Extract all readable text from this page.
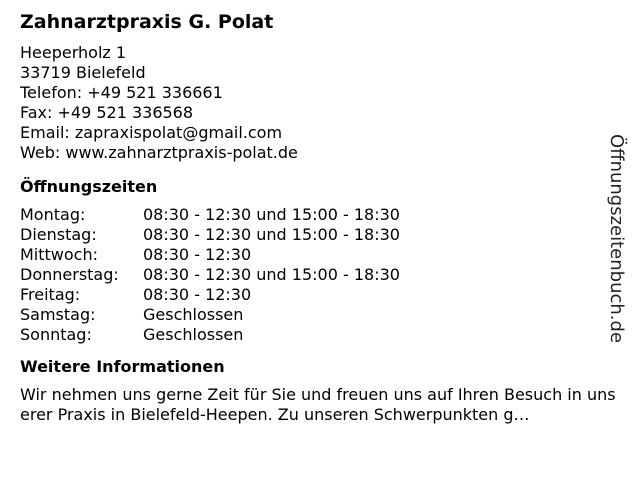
Zahnarztpraxis G. Polat
Heeperholz 1
33719 Bielefeld
Telefon: +49 521 336661
Fax: +49 521 336568
Email: zapraxispolat@gmail.com
Web: www.zahnarztpraxis-polat.de
Öffnungszeiten
Montag:	08:30 - 12:30 und 15:00 - 18:30
Dienstag:	08:30 - 12:30 und 15:00 - 18:30
Mittwoch:	08:30 - 12:30
Donnerstag:	08:30 - 12:30 und 15:00 - 18:30
Freitag:	08:30 - 12:30
Samstag:	Geschlossen
Sonntag:	Geschlossen
Weitere Informationen
Wir nehmen uns gerne Zeit für Sie und freuen uns auf Ihren Besuch in unserer Praxis in Bielefeld-Heepen. Zu unseren Schwerpunkten g…
Öffnungszeitenbuch.de
